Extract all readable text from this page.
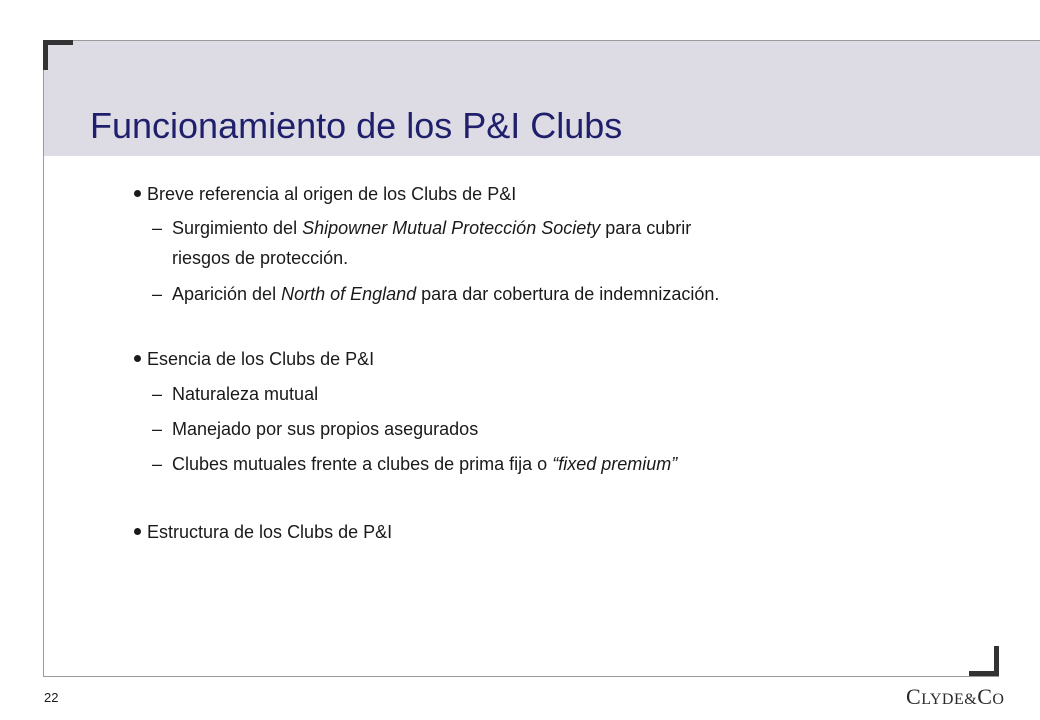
Funcionamiento de los P&I Clubs
Breve referencia al origen de los Clubs de P&I
– Surgimiento del Shipowner Mutual Protección Society para cubrir
riesgos de protección.
– Aparición del North of England para dar cobertura de indemnización.
Esencia de los Clubs de P&I
– Naturaleza mutual
– Manejado por sus propios asegurados
– Clubes mutuales frente a clubes de prima fija o “fixed premium”
Estructura de los Clubs de P&I
22	CLYDE&CO
